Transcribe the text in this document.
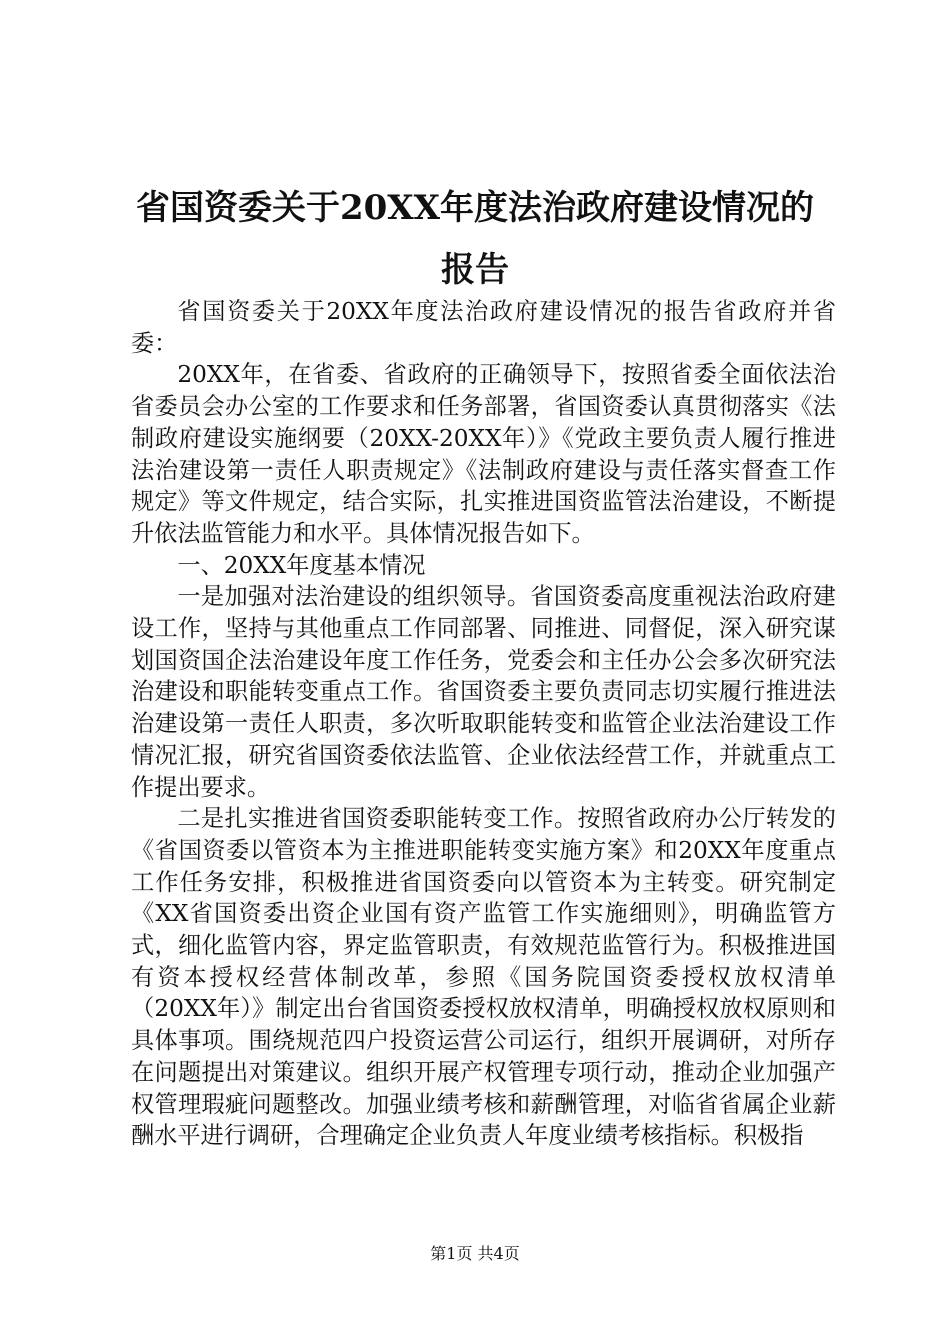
省国资委关于20XX年度法治政府建设情况的
报告

省国资委关于20XX年度法治政府建设情况的报告省政府并省委：

20XX年，在省委、省政府的正确领导下，按照省委全面依法治省委员会办公室的工作要求和任务部署，省国资委认真贯彻落实《法制政府建设实施纲要（20XX-20XX年）》《党政主要负责人履行推进法治建设第一责任人职责规定》《法制政府建设与责任落实督查工作规定》等文件规定，结合实际，扎实推进国资监管法治建设，不断提升依法监管能力和水平。具体情况报告如下。

一、20XX年度基本情况

一是加强对法治建设的组织领导。省国资委高度重视法治政府建设工作，坚持与其他重点工作同部署、同推进、同督促，深入研究谋划国资国企法治建设年度工作任务，党委会和主任办公会多次研究法治建设和职能转变重点工作。省国资委主要负责同志切实履行推进法治建设第一责任人职责，多次听取职能转变和监管企业法治建设工作情况汇报，研究省国资委依法监管、企业依法经营工作，并就重点工作提出要求。

二是扎实推进省国资委职能转变工作。按照省政府办公厅转发的《省国资委以管资本为主推进职能转变实施方案》和20XX年度重点工作任务安排，积极推进省国资委向以管资本为主转变。研究制定《XX省国资委出资企业国有资产监管工作实施细则》，明确监管方式，细化监管内容，界定监管职责，有效规范监管行为。积极推进国有资本授权经营体制改革，参照《国务院国资委授权放权清单（20XX年）》制定出台省国资委授权放权清单，明确授权放权原则和具体事项。围绕规范四户投资运营公司运行，组织开展调研，对所存在问题提出对策建议。组织开展产权管理专项行动，推动企业加强产权管理瑕疵问题整改。加强业绩考核和薪酬管理，对临省省属企业薪酬水平进行调研，合理确定企业负责人年度业绩考核指标。积极指

第1页 共4页
